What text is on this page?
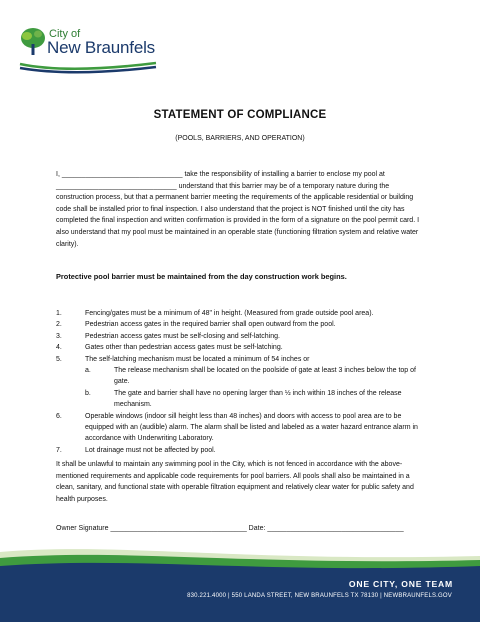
City of
New Braunfels
STATEMENT OF COMPLIANCE
(POOLS, BARRIERS, AND OPERATION)

I, _______________________________ take the responsibility of installing a barrier to enclose my pool at _______________________________ understand that this barrier may be of a temporary nature during the construction process, but that a permanent barrier meeting the requirements of the applicable residential or building code shall be installed prior to final inspection. I also understand that the project is NOT finished until the city has completed the final inspection and written confirmation is provided in the form of a signature on the pool permit card. I also understand that my pool must be maintained in an operable state (functioning filtration system and relative water clarity).

Protective pool barrier must be maintained from the day construction work begins.
1.	Fencing/gates must be a minimum of 48" in height. (Measured from grade outside pool area).
2.	Pedestrian access gates in the required barrier shall open outward from the pool.
3.	Pedestrian access gates must be self-closing and self-latching.
4.	Gates other than pedestrian access gates must be self-latching.
5.	The self-latching mechanism must be located a minimum of 54 inches or
a.	The release mechanism shall be located on the poolside of gate at least 3 inches below the top of gate.
b.	The gate and barrier shall have no opening larger than ½ inch within 18 inches of the release mechanism.
6.	Operable windows (indoor sill height less than 48 inches) and doors with access to pool area are to be equipped with an (audible) alarm. The alarm shall be listed and labeled as a water hazard entrance alarm in accordance with Underwriting Laboratory.
7.	Lot drainage must not be affected by pool.

It shall be unlawful to maintain any swimming pool in the City, which is not fenced in accordance with the above-mentioned requirements and applicable code requirements for pool barriers. All pools shall also be maintained in a clean, sanitary, and functional state with operable filtration equipment and relatively clear water for public safety and health purposes.

Owner Signature ___________________________________ Date: ___________________________________
ONE CITY, ONE TEAM
830.221.4000 | 550 LANDA STREET, NEW BRAUNFELS TX 78130 | NEWBRAUNFELS.GOV
